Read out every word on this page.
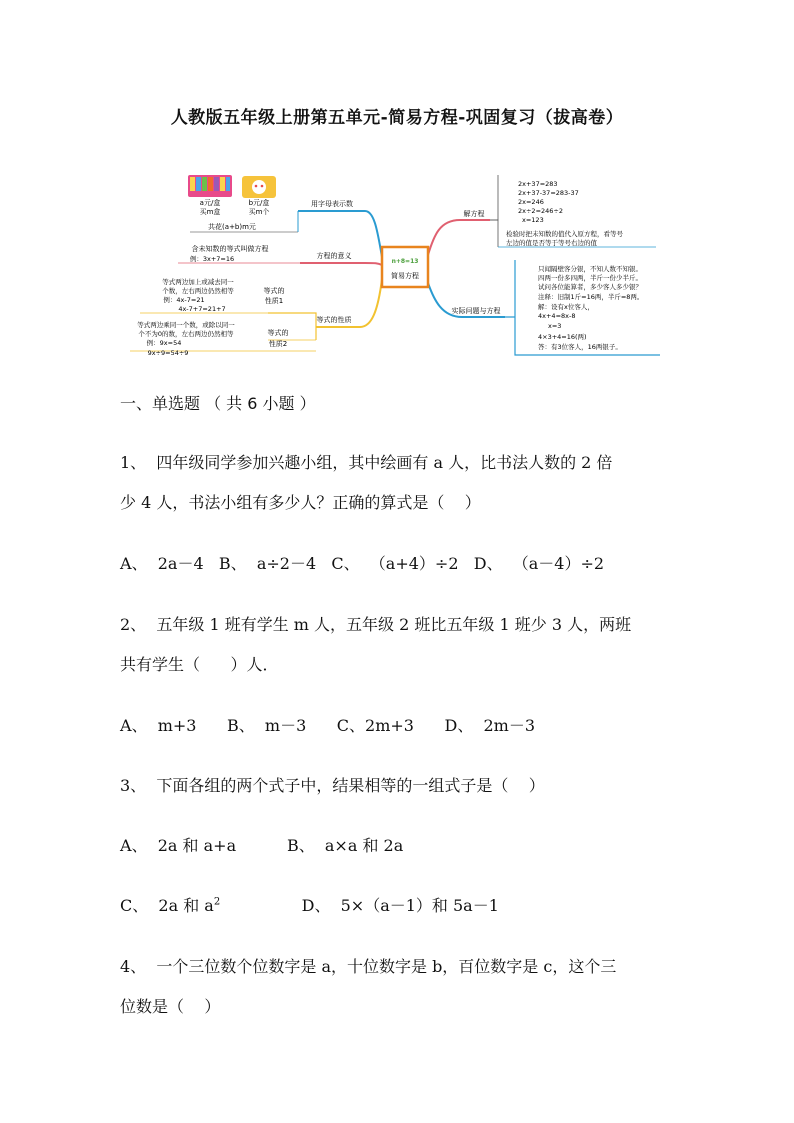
人教版五年级上册第五单元-简易方程-巩固复习（拔高卷）
a元/盒
买m盒
b元/盒
买m个
共花(a+b)m元
n+8=13
简易方程
用字母表示数
含未知数的等式叫做方程
例：3x+7=16	方程的意义
等式的性质
等式的
性质1
等式两边加上或减去同一
个数，左右两边仍然相等
例：4x-7=21
4x-7+7=21+7
等式的
性质2
等式两边乘同一个数，或除以同一
个不为0的数，左右两边仍然相等
例：9x=54
9x÷9=54÷9
解方程
2x+37=283
2x+37-37=283-37
2x=246
2x÷2=246÷2
x=123
检验时把未知数的值代入原方程，看等号
左边的值是否等于等号右边的值
实际问题与方程
只闻隔壁客分银，不知人数不知银。
四两一份多四两，半斤一份少半斤。
试问各位能算者，多少客人多少银？
注释：旧制1斤=16两，半斤=8两。
解：设有x位客人，
4x+4=8x-8
x=3
4×3+4=16(两)
答：有3位客人，16两银子。
一、单选题 （ 共 6 小题 ）
1、  四年级同学参加兴趣小组，其中绘画有 a 人，比书法人数的 2 倍
少 4 人，书法小组有多少人？正确的算式是（    ）
A、  2a－4   B、  a÷2－4   C、  （a+4）÷2   D、  （a－4）÷2
2、  五年级 1 班有学生 m 人，五年级 2 班比五年级 1 班少 3 人，两班
共有学生（      ）人．
A、  m+3      B、  m－3      C、2m+3      D、  2m－3
3、  下面各组的两个式子中，结果相等的一组式子是（    ）
A、  2a 和 a+a          B、  a×a 和 2a
C、  2a 和 $a^2$                D、  5×（a－1）和 5a－1
4、  一个三位数个位数字是 a，十位数字是 b，百位数字是 c，这个三
位数是（    ）
